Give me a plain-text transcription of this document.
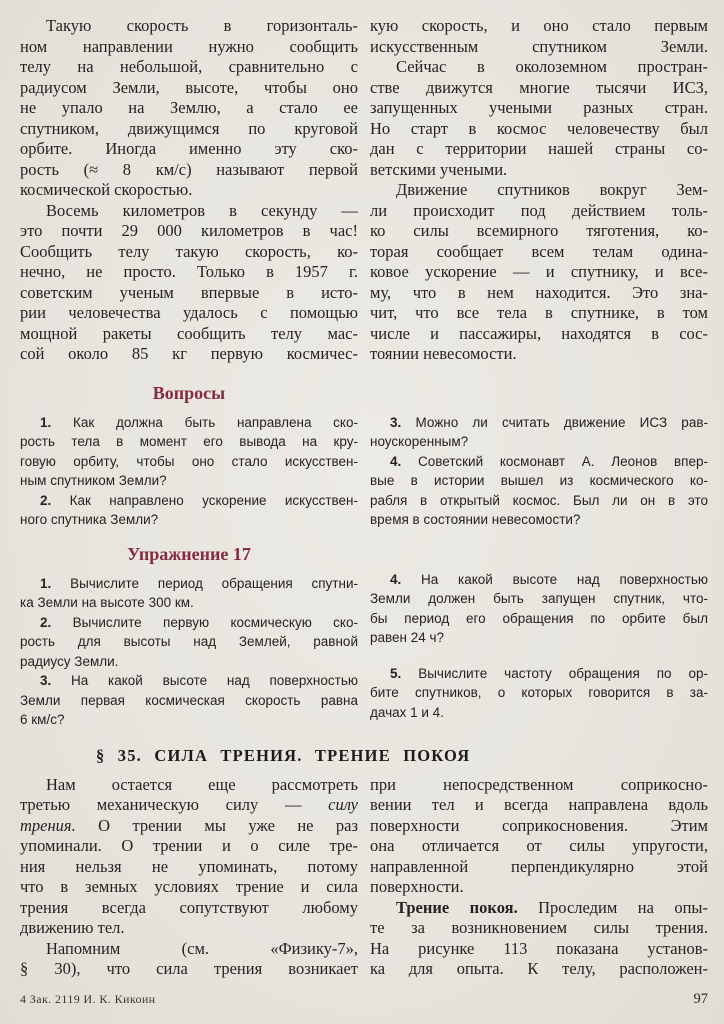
Такую скорость в горизонталь-
ном направлении нужно сообщить
телу на небольшой, сравнительно с
радиусом Земли, высоте, чтобы оно
не упало на Землю, а стало ее
спутником, движущимся по круговой
орбите. Иногда именно эту ско-
рость (≈ 8 км/с) называют первой
космической скоростью.
Восемь километров в секунду —
это почти 29 000 километров в час!
Сообщить телу такую скорость, ко-
нечно, не просто. Только в 1957 г.
советским ученым впервые в исто-
рии человечества удалось с помощью
мощной ракеты сообщить телу мас-
сой около 85 кг первую космичес-
кую скорость, и оно стало первым
искусственным спутником Земли.
Сейчас в околоземном простран-
стве движутся многие тысячи ИСЗ,
запущенных учеными разных стран.
Но старт в космос человечеству был
дан с территории нашей страны со-
ветскими учеными.
Движение спутников вокруг Зем-
ли происходит под действием толь-
ко силы всемирного тяготения, ко-
торая сообщает всем телам одина-
ковое ускорение — и спутнику, и все-
му, что в нем находится. Это зна-
чит, что все тела в спутнике, в том
числе и пассажиры, находятся в сос-
тоянии невесомости.
Вопросы
1. Как должна быть направлена ско-
рость тела в момент его вывода на кру-
говую орбиту, чтобы оно стало искусствен-
ным спутником Земли?
2. Как направлено ускорение искусствен-
ного спутника Земли?
3. Можно ли считать движение ИСЗ рав-
ноускоренным?
4. Советский космонавт А. Леонов впер-
вые в истории вышел из космического ко-
рабля в открытый космос. Был ли он в это
время в состоянии невесомости?
Упражнение 17
1. Вычислите период обращения спутни-
ка Земли на высоте 300 км.
2. Вычислите первую космическую ско-
рость для высоты над Землей, равной
радиусу Земли.
3. На какой высоте над поверхностью
Земли первая космическая скорость равна
6 км/с?
4. На какой высоте над поверхностью
Земли должен быть запущен спутник, что-
бы период его обращения по орбите был
равен 24 ч?
5. Вычислите частоту обращения по ор-
бите спутников, о которых говорится в за-
дачах 1 и 4.
§ 35. СИЛА ТРЕНИЯ. ТРЕНИЕ ПОКОЯ
Нам остается еще рассмотреть
третью механическую силу — силу
трения. О трении мы уже не раз
упоминали. О трении и о силе тре-
ния нельзя не упоминать, потому
что в земных условиях трение и сила
трения всегда сопутствуют любому
движению тел.
Напомним (см. «Физику-7»,
§ 30), что сила трения возникает
при непосредственном соприкосно-
вении тел и всегда направлена вдоль
поверхности соприкосновения. Этим
она отличается от силы упругости,
направленной перпендикулярно этой
поверхности.
Трение покоя. Проследим на опы-
те за возникновением силы трения.
На рисунке 113 показана установ-
ка для опыта. К телу, расположен-
4 Зак. 2119 И. К. Кикоин	97
